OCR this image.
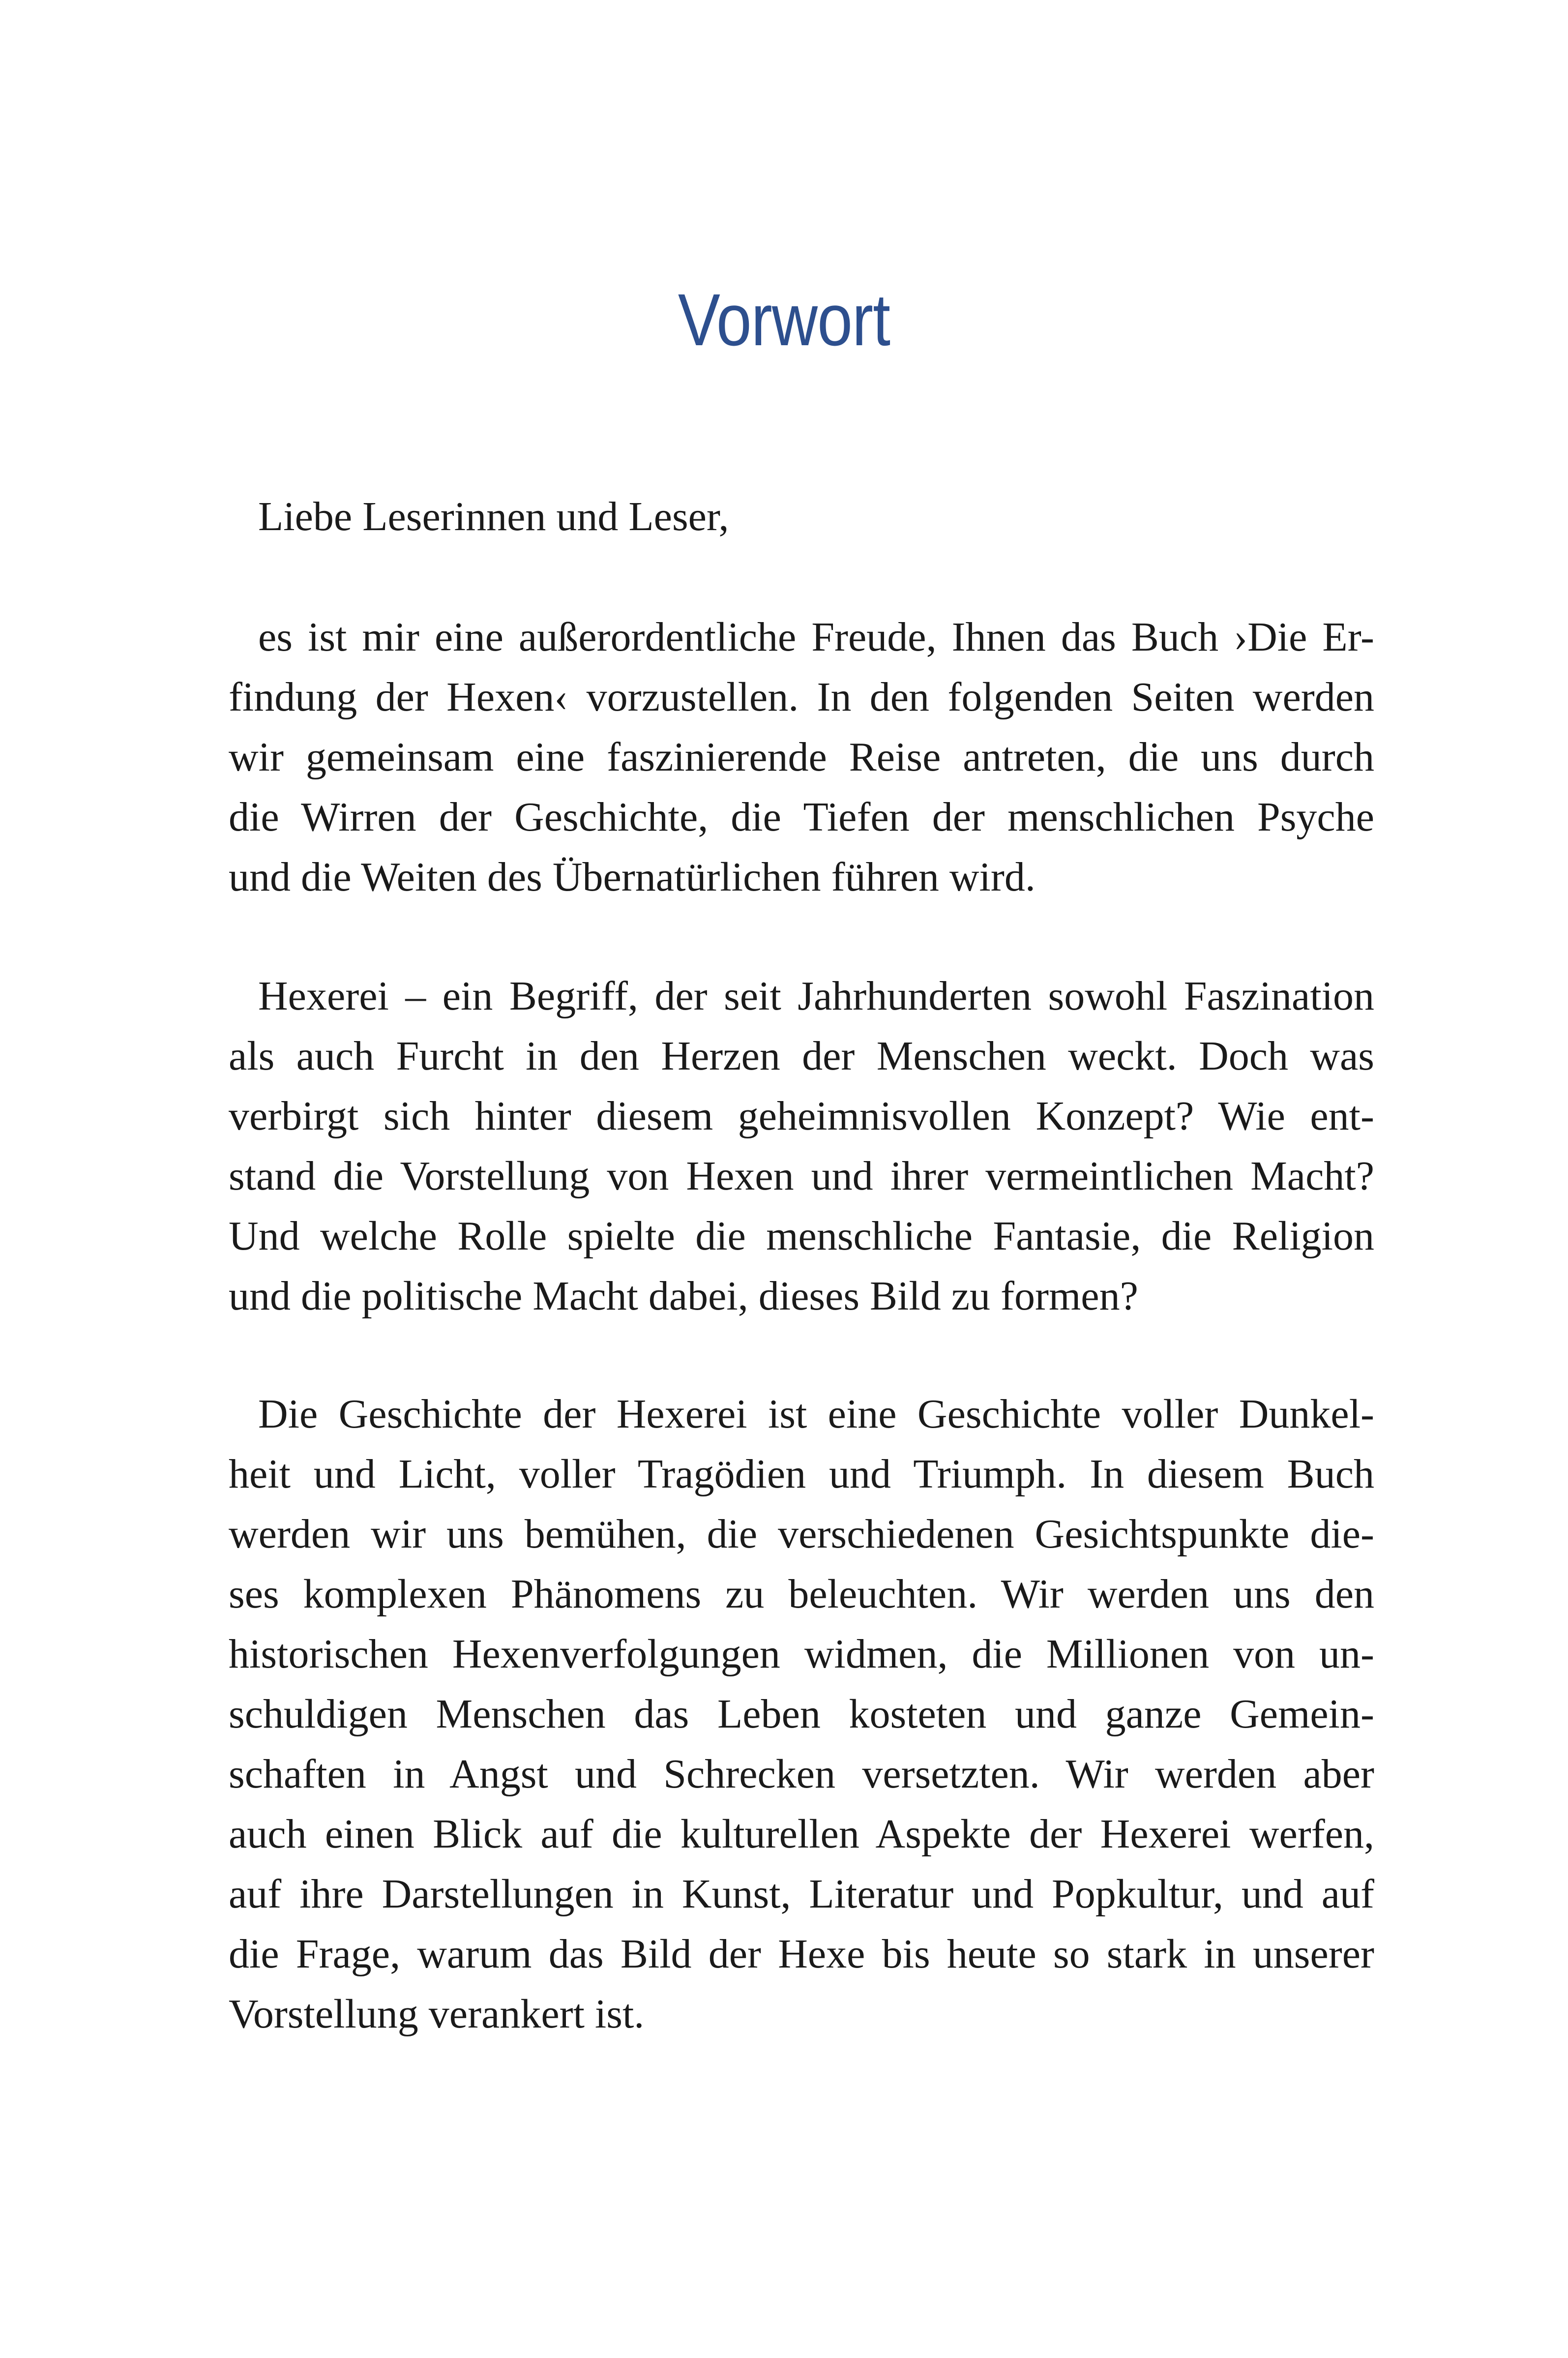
Vorwort
Liebe Leserinnen und Leser,
es ist mir eine außerordentliche Freude, Ihnen das Buch ›Die Er-
findung der Hexen‹ vorzustellen. In den folgenden Seiten werden
wir gemeinsam eine faszinierende Reise antreten, die uns durch
die Wirren der Geschichte, die Tiefen der menschlichen Psyche
und die Weiten des Übernatürlichen führen wird.
Hexerei – ein Begriff, der seit Jahrhunderten sowohl Faszination
als auch Furcht in den Herzen der Menschen weckt. Doch was
verbirgt sich hinter diesem geheimnisvollen Konzept? Wie ent-
stand die Vorstellung von Hexen und ihrer vermeintlichen Macht?
Und welche Rolle spielte die menschliche Fantasie, die Religion
und die politische Macht dabei, dieses Bild zu formen?
Die Geschichte der Hexerei ist eine Geschichte voller Dunkel-
heit und Licht, voller Tragödien und Triumph. In diesem Buch
werden wir uns bemühen, die verschiedenen Gesichtspunkte die-
ses komplexen Phänomens zu beleuchten. Wir werden uns den
historischen Hexenverfolgungen widmen, die Millionen von un-
schuldigen Menschen das Leben kosteten und ganze Gemein-
schaften in Angst und Schrecken versetzten. Wir werden aber
auch einen Blick auf die kulturellen Aspekte der Hexerei werfen,
auf ihre Darstellungen in Kunst, Literatur und Popkultur, und auf
die Frage, warum das Bild der Hexe bis heute so stark in unserer
Vorstellung verankert ist.
